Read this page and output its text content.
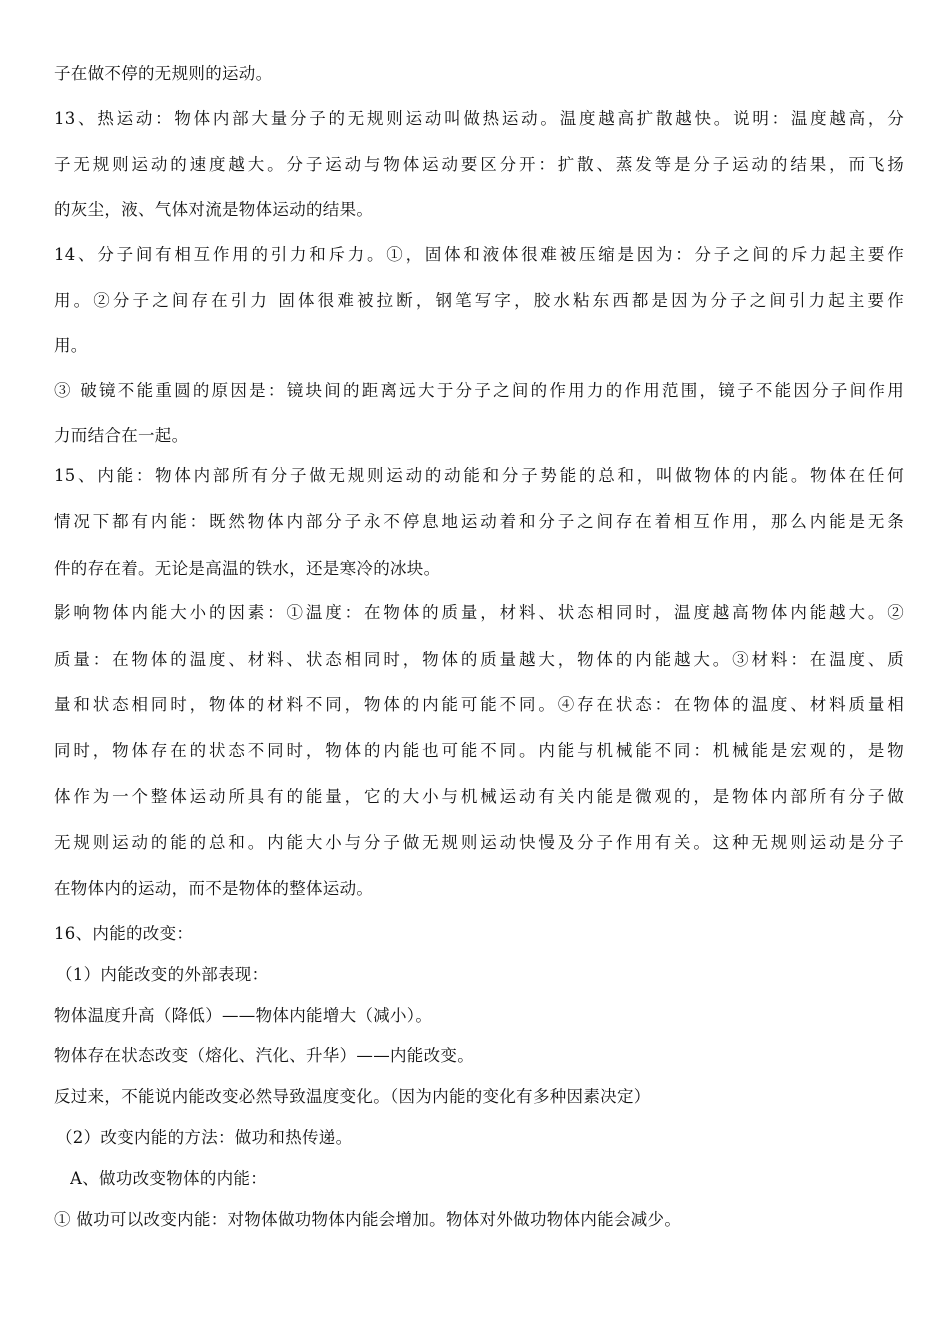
子在做不停的无规则的运动。
13、热运动：物体内部大量分子的无规则运动叫做热运动。温度越高扩散越快。说明：温度越高，分
子无规则运动的速度越大。分子运动与物体运动要区分开：扩散、蒸发等是分子运动的结果，而飞扬
的灰尘，液、气体对流是物体运动的结果。
14、分子间有相互作用的引力和斥力。①，固体和液体很难被压缩是因为：分子之间的斥力起主要作
用。②分子之间存在引力 固体很难被拉断，钢笔写字，胶水粘东西都是因为分子之间引力起主要作
用。
③ 破镜不能重圆的原因是：镜块间的距离远大于分子之间的作用力的作用范围，镜子不能因分子间作用
力而结合在一起。
15、内能：物体内部所有分子做无规则运动的动能和分子势能的总和，叫做物体的内能。物体在任何
情况下都有内能：既然物体内部分子永不停息地运动着和分子之间存在着相互作用，那么内能是无条
件的存在着。无论是高温的铁水，还是寒冷的冰块。
影响物体内能大小的因素：①温度：在物体的质量，材料、状态相同时，温度越高物体内能越大。②
质量：在物体的温度、材料、状态相同时，物体的质量越大，物体的内能越大。③材料：在温度、质
量和状态相同时，物体的材料不同，物体的内能可能不同。④存在状态：在物体的温度、材料质量相
同时，物体存在的状态不同时，物体的内能也可能不同。内能与机械能不同：机械能是宏观的，是物
体作为一个整体运动所具有的能量，它的大小与机械运动有关内能是微观的，是物体内部所有分子做
无规则运动的能的总和。内能大小与分子做无规则运动快慢及分子作用有关。这种无规则运动是分子
在物体内的运动，而不是物体的整体运动。
16、内能的改变：
（1）内能改变的外部表现：
物体温度升高（降低）——物体内能增大（减小）。
物体存在状态改变（熔化、汽化、升华）——内能改变。
反过来，不能说内能改变必然导致温度变化。（因为内能的变化有多种因素决定）
（2）改变内能的方法：做功和热传递。
A、做功改变物体的内能：
① 做功可以改变内能：对物体做功物体内能会增加。物体对外做功物体内能会减少。
